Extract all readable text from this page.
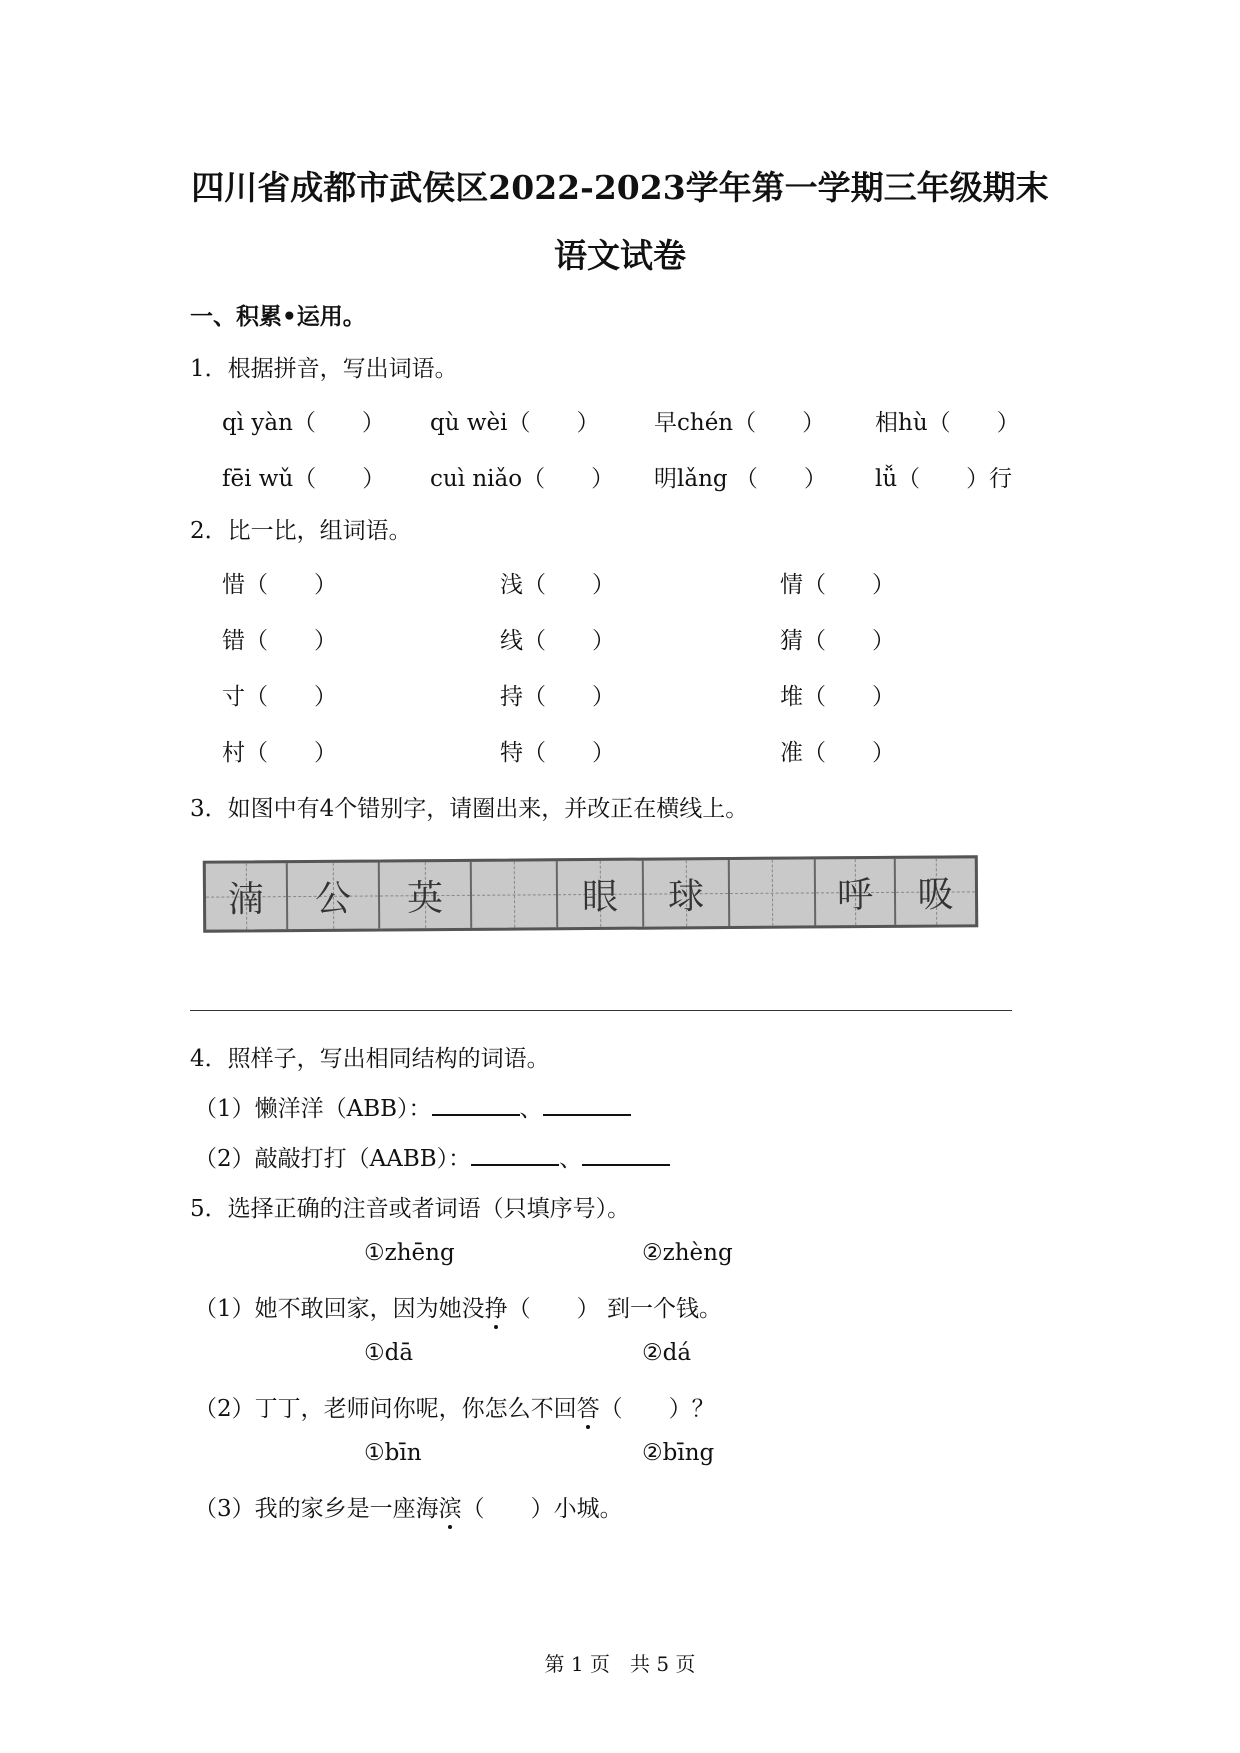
四川省成都市武侯区2022-2023学年第一学期三年级期末
语文试卷
一、积累•运用。
1．根据拼音，写出词语。
qì yàn（　　） qù wèi（　　） 早chén（　　） 相hù（　　）
fēi wǔ（　　） cuì niǎo（　　） 明lǎng （　　） lǚ（　　）行
2．比一比，组词语。
惜（　　）	浅（　　）	情（　　）
错（　　）	线（　　）	猜（　　）
寸（　　）	持（　　）	堆（　　）
村（　　）	特（　　）	准（　　）
3．如图中有4个错别字，请圈出来，并改正在横线上。
湳 公 英	眼 球	呼 吸
4．照样子，写出相同结构的词语。
（1）懒洋洋（ABB）：	、
（2）敲敲打打（AABB）：	、
5．选择正确的注音或者词语（只填序号）。
①zhēng	②zhèng
（1）她不敢回家，因为她没挣（　　） 到一个钱。
①dā	②dá
（2）丁丁，老师问你呢，你怎么不回答（　　）？
①bīn	②bīng
（3）我的家乡是一座海滨（　　）小城。
第 1 页　共 5 页
